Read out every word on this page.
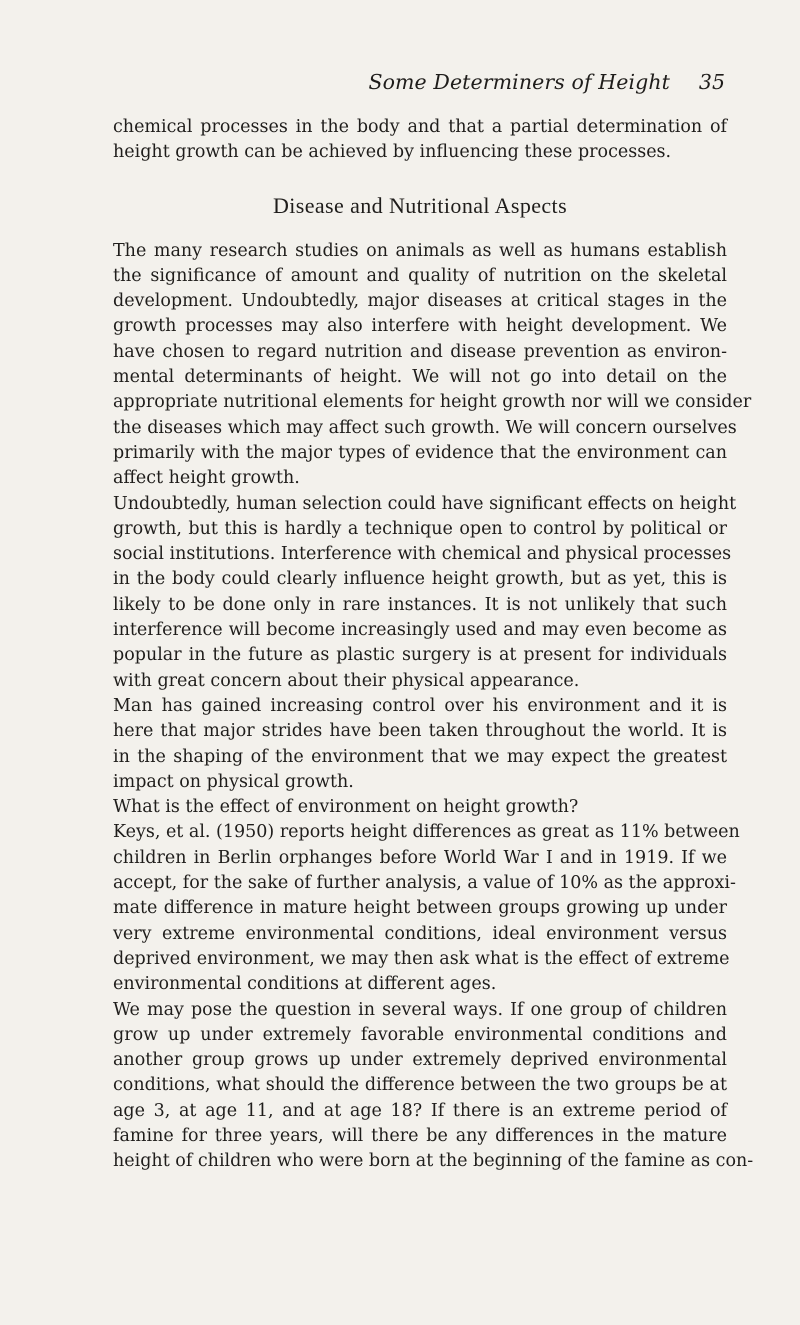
Some Determiners of Height 35
chemical processes in the body and that a partial determination of
height growth can be achieved by influencing these processes.
Disease and Nutritional Aspects
The many research studies on animals as well as humans establish
the significance of amount and quality of nutrition on the skeletal
development. Undoubtedly, major diseases at critical stages in the
growth processes may also interfere with height development. We
have chosen to regard nutrition and disease prevention as environ-
mental determinants of height. We will not go into detail on the
appropriate nutritional elements for height growth nor will we consider
the diseases which may affect such growth. We will concern ourselves
primarily with the major types of evidence that the environment can
affect height growth.
Undoubtedly, human selection could have significant effects on height
growth, but this is hardly a technique open to control by political or
social institutions. Interference with chemical and physical processes
in the body could clearly influence height growth, but as yet, this is
likely to be done only in rare instances. It is not unlikely that such
interference will become increasingly used and may even become as
popular in the future as plastic surgery is at present for individuals
with great concern about their physical appearance.
Man has gained increasing control over his environment and it is
here that major strides have been taken throughout the world. It is
in the shaping of the environment that we may expect the greatest
impact on physical growth.
What is the effect of environment on height growth?
Keys, et al. (1950) reports height differences as great as 11% between
children in Berlin orphanges before World War I and in 1919. If we
accept, for the sake of further analysis, a value of 10% as the approxi-
mate difference in mature height between groups growing up under
very extreme environmental conditions, ideal environment versus
deprived environment, we may then ask what is the effect of extreme
environmental conditions at different ages.
We may pose the question in several ways. If one group of children
grow up under extremely favorable environmental conditions and
another group grows up under extremely deprived environmental
conditions, what should the difference between the two groups be at
age 3, at age 11, and at age 18? If there is an extreme period of
famine for three years, will there be any differences in the mature
height of children who were born at the beginning of the famine as con-
